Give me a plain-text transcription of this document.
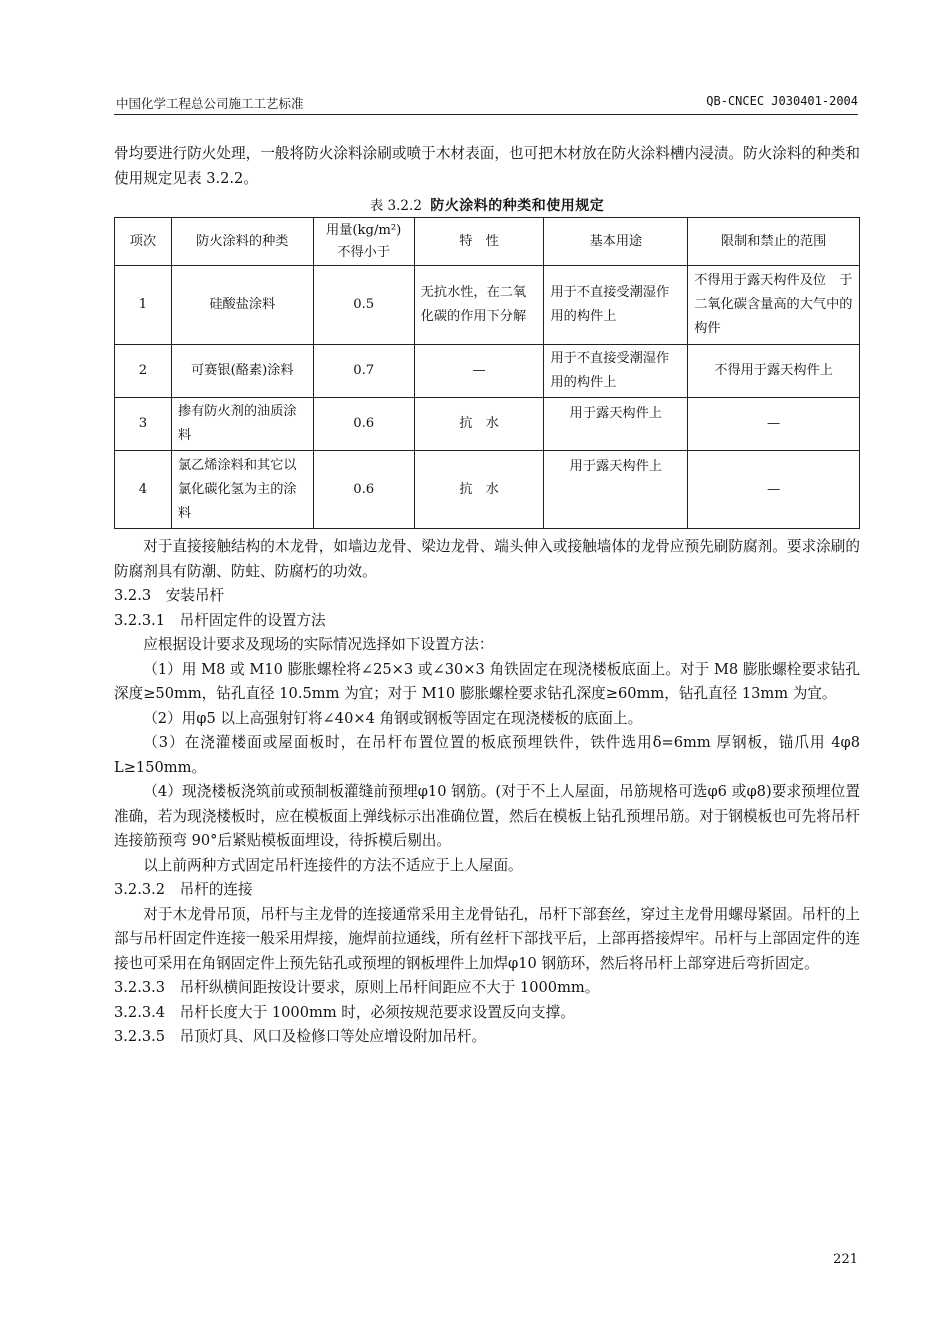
中国化学工程总公司施工工艺标准	QB-CNCEC J030401-2004

骨均要进行防火处理，一般将防火涂料涂刷或喷于木材表面，也可把木材放在防火涂料槽内浸渍。防火涂料的种类和使用规定见表 3.2.2。

表 3.2.2 防火涂料的种类和使用规定
项次	防火涂料的种类	用量(kg/m²)不得小于	特　性	基本用途	限制和禁止的范围
1	硅酸盐涂料	0.5	无抗水性，在二氧化碳的作用下分解	用于不直接受潮湿作用的构件上	不得用于露天构件及位　于二氧化碳含量高的大气中的构件
2	可赛银(酪素)涂料	0.7	—	用于不直接受潮湿作用的构件上	不得用于露天构件上
3	掺有防火剂的油质涂料	0.6	抗　水	用于露天构件上	—
4	氯乙烯涂料和其它以氯化碳化氢为主的涂料	0.6	抗　水	用于露天构件上	—

对于直接接触结构的木龙骨，如墙边龙骨、梁边龙骨、端头伸入或接触墙体的龙骨应预先刷防腐剂。要求涂刷的防腐剂具有防潮、防蛀、防腐朽的功效。

3.2.3　安装吊杆

3.2.3.1　吊杆固定件的设置方法

应根据设计要求及现场的实际情况选择如下设置方法：

（1）用 M8 或 M10 膨胀螺栓将∠25×3 或∠30×3 角铁固定在现浇楼板底面上。对于 M8 膨胀螺栓要求钻孔深度≥50mm，钻孔直径 10.5mm 为宜；对于 M10 膨胀螺栓要求钻孔深度≥60mm，钻孔直径 13mm 为宜。

（2）用φ5 以上高强射钉将∠40×4 角钢或钢板等固定在现浇楼板的底面上。

（3）在浇灌楼面或屋面板时，在吊杆布置位置的板底预埋铁件，铁件选用δ=6mm 厚钢板，锚爪用 4φ8 L≥150mm。

（4）现浇楼板浇筑前或预制板灌缝前预埋φ10 钢筋。(对于不上人屋面，吊筋规格可选φ6 或φ8)要求预埋位置准确，若为现浇楼板时，应在模板面上弹线标示出准确位置，然后在模板上钻孔预埋吊筋。对于钢模板也可先将吊杆连接筋预弯 90°后紧贴模板面埋设，待拆模后剔出。

以上前两种方式固定吊杆连接件的方法不适应于上人屋面。

3.2.3.2　吊杆的连接

对于木龙骨吊顶，吊杆与主龙骨的连接通常采用主龙骨钻孔，吊杆下部套丝，穿过主龙骨用螺母紧固。吊杆的上部与吊杆固定件连接一般采用焊接，施焊前拉通线，所有丝杆下部找平后，上部再搭接焊牢。吊杆与上部固定件的连接也可采用在角钢固定件上预先钻孔或预埋的钢板埋件上加焊φ10 钢筋环，然后将吊杆上部穿进后弯折固定。

3.2.3.3　吊杆纵横间距按设计要求，原则上吊杆间距应不大于 1000mm。

3.2.3.4　吊杆长度大于 1000mm 时，必须按规范要求设置反向支撑。

3.2.3.5　吊顶灯具、风口及检修口等处应增设附加吊杆。

221
